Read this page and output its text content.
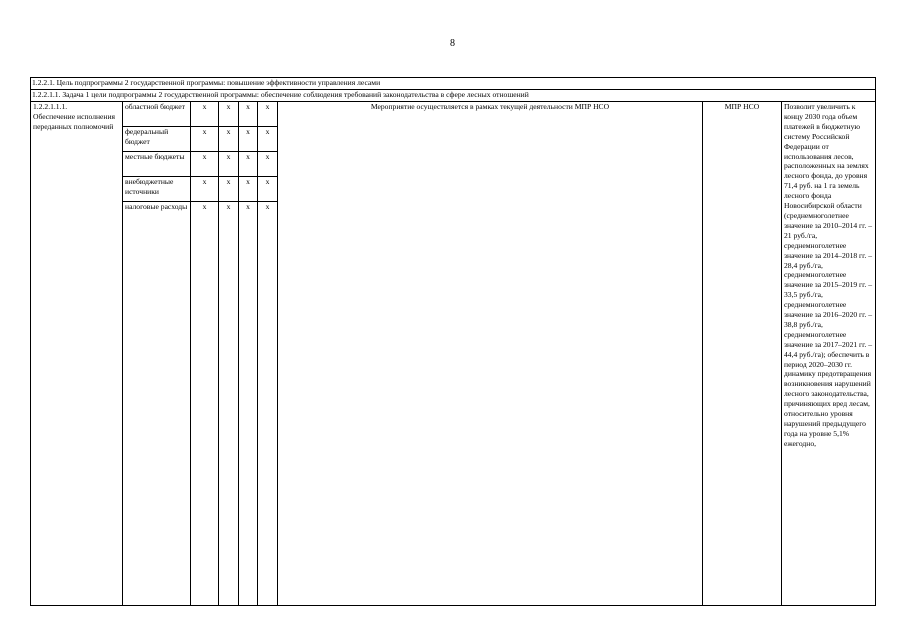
8
1.2.2.1. Цель подпрограммы 2 государственной программы: повышение эффективности управления лесами								
1.2.2.1.1. Задача 1 цели подпрограммы 2 государственной программы: обеспечение соблюдения требований законодательства в сфере лесных отношений								

1.2.2.1.1.1.
Обеспечение исполнения переданных полномочий	областной бюджет	x	x	x	x	Мероприятие осуществляется в рамках текущей деятельности МПР НСО	МПР НСО	Позволит увеличить к концу 2030 года объем платежей в бюджетную систему Российской Федерации от использования лесов, расположенных на землях лесного фонда, до уровня 71,4 руб. на 1 га земель лесного фонда Новосибирской области (среднемноголетнее значение за 2010–2014 гг. – 21 руб./га, среднемноголетнее значение за 2014–2018 гг. – 28,4 руб./га, среднемноголетнее значение за 2015–2019 гг. – 33,5 руб./га, среднемноголетнее значение за 2016–2020 гг. – 38,8 руб./га, среднемноголетнее значение за 2017–2021 гг. – 44,4 руб./га); обеспечить в период 2020–2030 гг. динамику предотвращения возникновения нарушений лесного законодательства, причиняющих вред лесам, относительно уровня нарушений предыдущего года на уровне 5,1% ежегодно,
	федеральный бюджет	x	x	x	x			
	местные бюджеты	x	x	x	x			
	внебюджетные источники	x	x	x	x			
	налоговые расходы	x	x	x	x			
